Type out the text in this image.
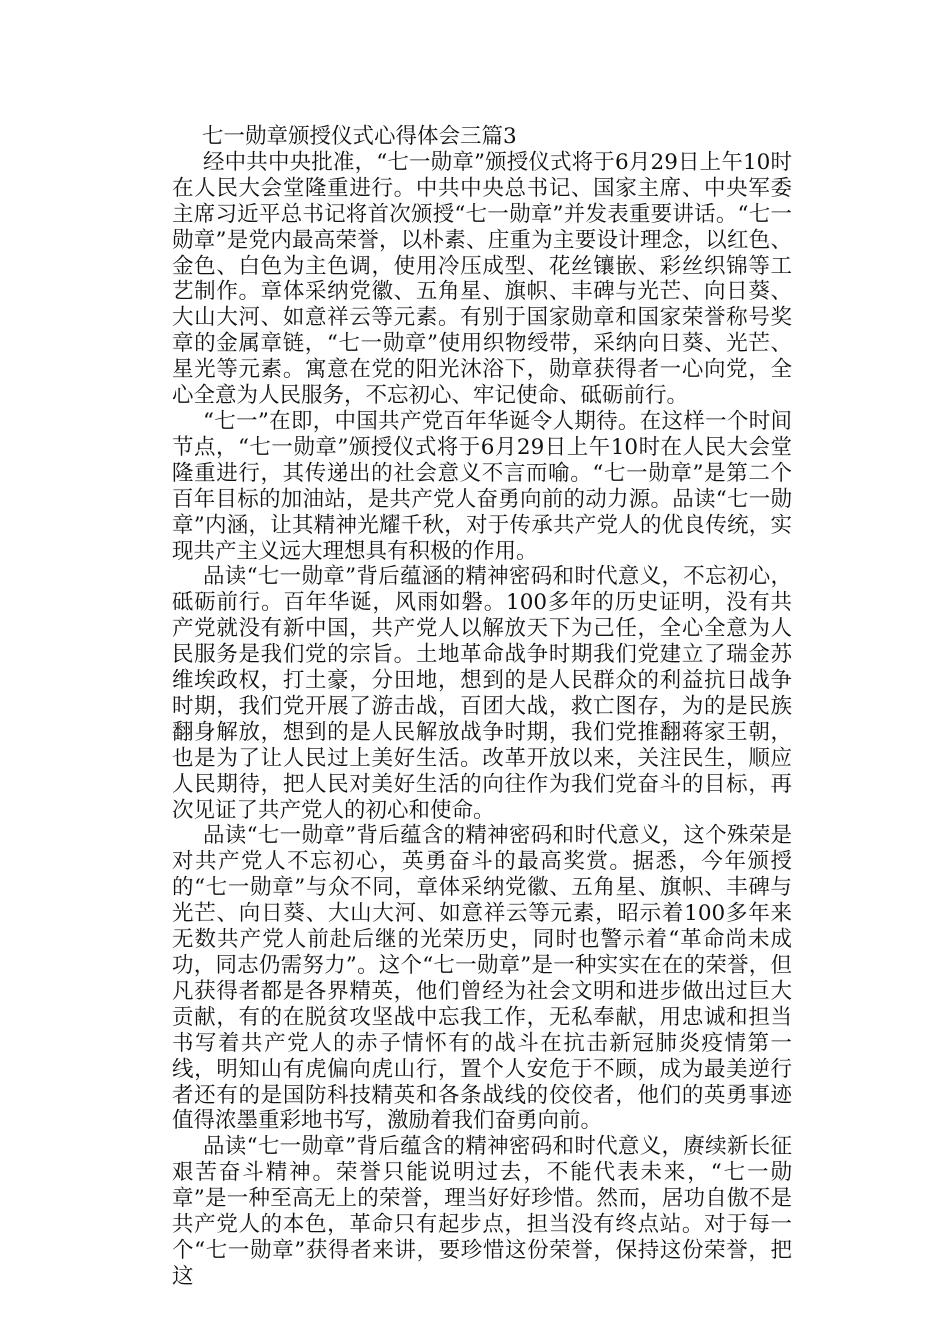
七一勋章颁授仪式心得体会三篇3

经中共中央批准，“七一勋章”颁授仪式将于6月29日上午10时在人民大会堂隆重进行。中共中央总书记、国家主席、中央军委主席习近平总书记将首次颁授“七一勋章”并发表重要讲话。“七一勋章”是党内最高荣誉，以朴素、庄重为主要设计理念，以红色、金色、白色为主色调，使用冷压成型、花丝镶嵌、彩丝织锦等工艺制作。章体采纳党徽、五角星、旗帜、丰碑与光芒、向日葵、大山大河、如意祥云等元素。有别于国家勋章和国家荣誉称号奖章的金属章链，“七一勋章”使用织物绶带，采纳向日葵、光芒、星光等元素。寓意在党的阳光沐浴下，勋章获得者一心向党，全心全意为人民服务，不忘初心、牢记使命、砥砺前行。

“七一”在即，中国共产党百年华诞令人期待。在这样一个时间节点，“七一勋章”颁授仪式将于6月29日上午10时在人民大会堂隆重进行，其传递出的社会意义不言而喻。“七一勋章”是第二个百年目标的加油站，是共产党人奋勇向前的动力源。品读“七一勋章”内涵，让其精神光耀千秋，对于传承共产党人的优良传统，实现共产主义远大理想具有积极的作用。

品读“七一勋章”背后蕴涵的精神密码和时代意义，不忘初心，砥砺前行。百年华诞，风雨如磐。100多年的历史证明，没有共产党就没有新中国，共产党人以解放天下为己任，全心全意为人民服务是我们党的宗旨。土地革命战争时期我们党建立了瑞金苏维埃政权，打土豪，分田地，想到的是人民群众的利益抗日战争时期，我们党开展了游击战，百团大战，救亡图存，为的是民族翻身解放，想到的是人民解放战争时期，我们党推翻蒋家王朝，也是为了让人民过上美好生活。改革开放以来，关注民生，顺应人民期待，把人民对美好生活的向往作为我们党奋斗的目标，再次见证了共产党人的初心和使命。

品读“七一勋章”背后蕴含的精神密码和时代意义，这个殊荣是对共产党人不忘初心，英勇奋斗的最高奖赏。据悉，今年颁授的“七一勋章”与众不同，章体采纳党徽、五角星、旗帜、丰碑与光芒、向日葵、大山大河、如意祥云等元素，昭示着100多年来无数共产党人前赴后继的光荣历史，同时也警示着“革命尚未成功，同志仍需努力”。这个“七一勋章”是一种实实在在的荣誉，但凡获得者都是各界精英，他们曾经为社会文明和进步做出过巨大贡献，有的在脱贫攻坚战中忘我工作，无私奉献，用忠诚和担当书写着共产党人的赤子情怀有的战斗在抗击新冠肺炎疫情第一线，明知山有虎偏向虎山行，置个人安危于不顾，成为最美逆行者还有的是国防科技精英和各条战线的佼佼者，他们的英勇事迹值得浓墨重彩地书写，激励着我们奋勇向前。

品读“七一勋章”背后蕴含的精神密码和时代意义，赓续新长征艰苦奋斗精神。荣誉只能说明过去，不能代表未来，“七一勋章”是一种至高无上的荣誉，理当好好珍惜。然而，居功自傲不是共产党人的本色，革命只有起步点，担当没有终点站。对于每一个“七一勋章”获得者来讲，要珍惜这份荣誉，保持这份荣誉，把这
